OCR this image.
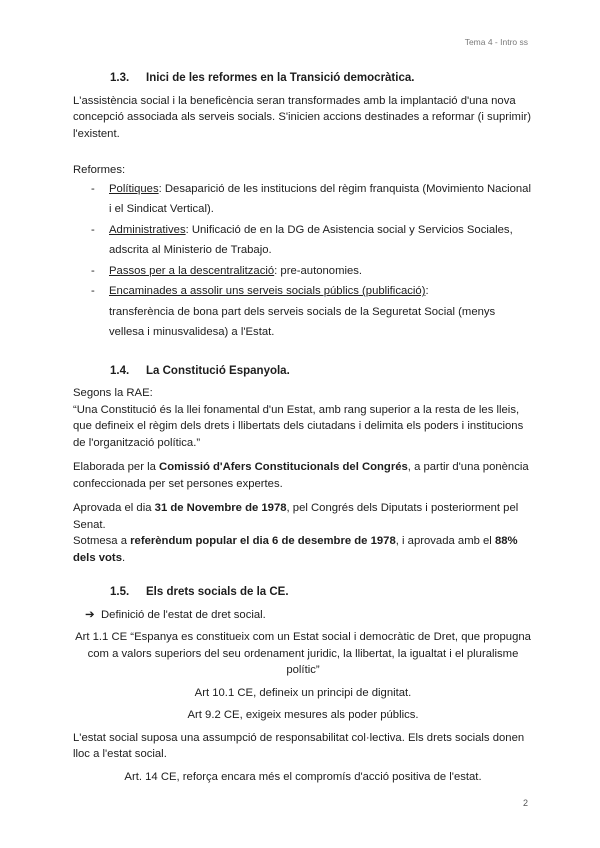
Tema 4 - Intro ss
1.3.	Inici de les reformes en la Transició democràtica.

L'assistència social i la beneficència seran transformades amb la implantació d'una nova concepció associada als serveis socials. S'inicien accions destinades a reformar (i suprimir) l'existent.

Reformes:

- Polítiques: Desaparició de les institucions del règim franquista (Movimiento Nacional i el Sindicat Vertical).
- Administratives: Unificació de en la DG de Asistencia social y Servicios Sociales, adscrita al Ministerio de Trabajo.
- Passos per a la descentralització: pre-autonomies.
- Encaminades a assolir uns serveis socials públics (publificació):
transferència de bona part dels serveis socials de la Seguretat Social (menys vellesa i minusvalidesa) a l'Estat.
1.4.	La Constitució Espanyola.

Segons la RAE:

“Una Constitució és la llei fonamental d'un Estat, amb rang superior a la resta de les lleis, que defineix el règim dels drets i llibertats dels ciutadans i delimita els poders i institucions de l'organització política.”

Elaborada per la Comissió d'Afers Constitucionals del Congrés, a partir d'una ponència confeccionada per set persones expertes.

Aprovada el dia 31 de Novembre de 1978, pel Congrés dels Diputats i posteriorment pel Senat.

Sotmesa a referèndum popular el dia 6 de desembre de 1978, i aprovada amb el 88% dels vots.

1.5.	Els drets socials de la CE.
➔ Definició de l'estat de dret social.

Art 1.1 CE “Espanya es constitueix com un Estat social i democràtic de Dret, que propugna com a valors superiors del seu ordenament juridic, la llibertat, la igualtat i el pluralisme polític”

Art 10.1 CE, defineix un principi de dignitat.

Art 9.2 CE, exigeix mesures als poder públics.

L'estat social suposa una assumpció de responsabilitat col·lectiva. Els drets socials donen lloc a l'estat social.

Art. 14 CE, reforça encara més el compromís d'acció positiva de l'estat.

2
